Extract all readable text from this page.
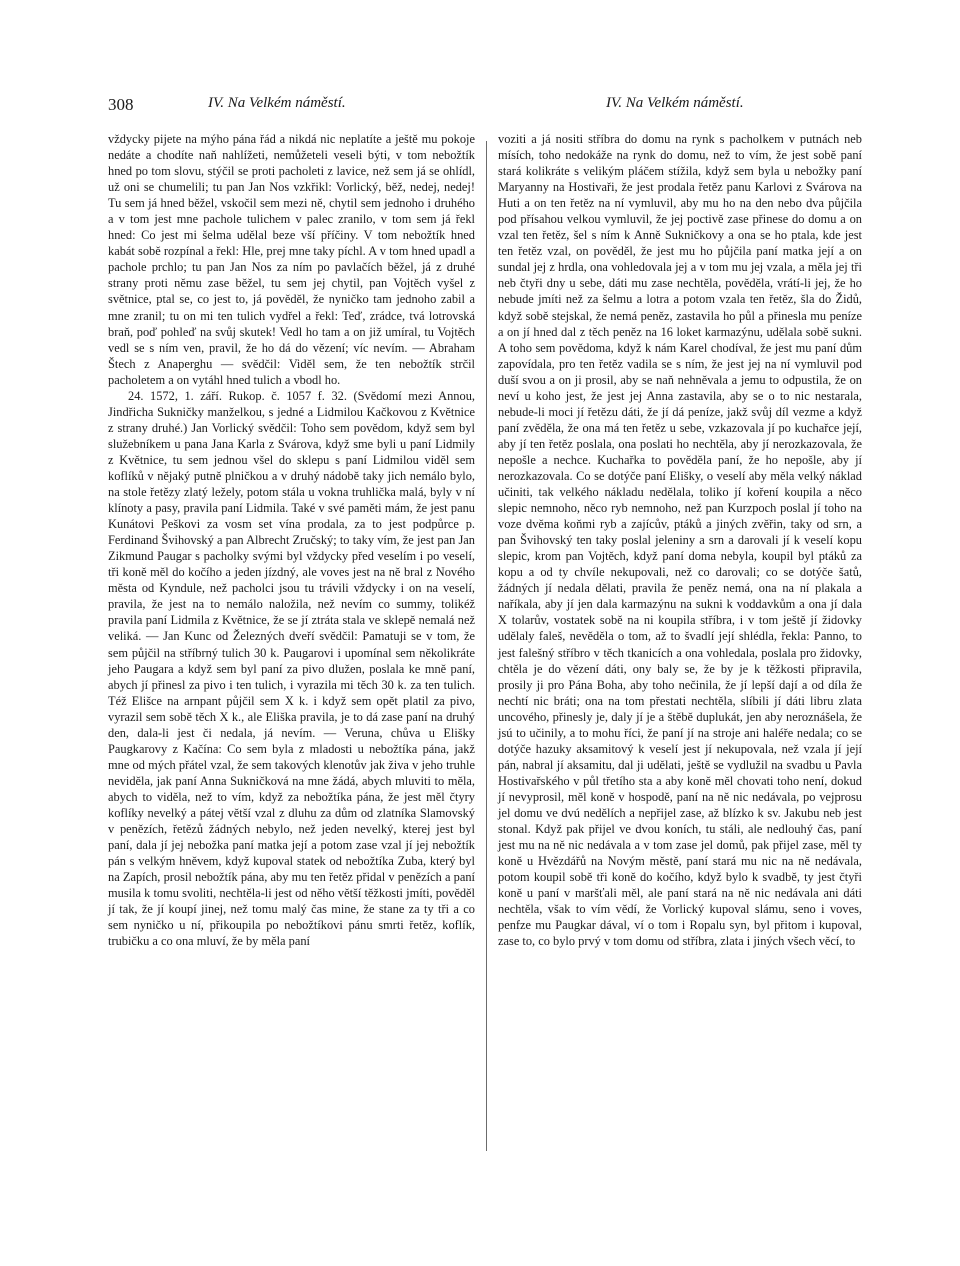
308	IV. Na Velkém náměstí.	IV. Na Velkém náměstí.

vždycky pijete na mýho pána řád a nikdá nic neplatíte a ještě mu pokoje nedáte a chodíte naň nahlížeti, nemůžeteli veseli býti, v tom nebožtík hned po tom slovu, stýčil se proti pacholeti z lavice, než sem já se ohlídl, už oni se chumelili; tu pan Jan Nos vzkřikl: Vorlický, běž, nedej, nedej! Tu sem já hned běžel, vskočil sem mezi ně, chytil sem jednoho i druhého a v tom jest mne pachole tulichem v palec zranilo, v tom sem já řekl hned: Co jest mi šelma udělal beze vší příčiny. V tom nebožtík hned kabát sobě rozpínal a řekl: Hle, prej mne taky píchl. A v tom hned upadl a pachole prchlo; tu pan Jan Nos za ním po pavlačích běžel, já z druhé strany proti němu zase běžel, tu sem jej chytil, pan Vojtěch vyšel z světnice, ptal se, co jest to, já pověděl, že nyničko tam jednoho zabil a mne zranil; tu on mi ten tulich vydřel a řekl: Teď, zrádce, tvá lotrovská braň, poď pohleď na svůj skutek! Vedl ho tam a on již umíral, tu Vojtěch vedl se s ním ven, pravil, že ho dá do vězení; víc nevím. — Abraham Štech z Anaperghu — svědčil: Viděl sem, že ten nebožtík strčil pacholetem a on vytáhl hned tulich a vbodl ho.

24. 1572, 1. září. Rukop. č. 1057 f. 32. (Svědomí mezi Annou, Jindřicha Sukničky manželkou, s jedné a Lidmilou Kačkovou z Květnice z strany druhé.) Jan Vorlický svědčil: Toho sem povědom, když sem byl služebníkem u pana Jana Karla z Svárova, když sme byli u paní Lidmily z Květnice, tu sem jednou všel do sklepu s paní Lidmilou viděl sem koflíků v nějaký putně plničkou a v druhý nádobě taky jich nemálo bylo, na stole řetězy zlatý ležely, potom stála u vokna truhlička malá, byly v ní klínoty a pasy, pravila paní Lidmila. Také v své paměti mám, že jest panu Kunátovi Peškovi za vosm set vína prodala, za to jest podpůrce p. Ferdinand Švihovský a pan Albrecht Zručský; to taky vím, že jest pan Jan Zikmund Paugar s pacholky svými byl vždycky před veselím i po veselí, tři koně měl do kočího a jeden jízdný, ale voves jest na ně bral z Nového města od Kyndule, než pacholci jsou tu trávili vždycky i on na veselí, pravila, že jest na to nemálo naložila, než nevím co summy, tolikéž pravila paní Lidmila z Květnice, že se jí ztráta stala ve sklepě nemalá než veliká. — Jan Kunc od Železných dveří svědčil: Pamatuji se v tom, že sem půjčil na stříbrný tulich 30 k. Paugarovi i upomínal sem několikráte jeho Paugara a když sem byl paní za pivo dlužen, poslala ke mně paní, abych jí přinesl za pivo i ten tulich, i vyrazila mi těch 30 k. za ten tulich. Též Elišce na arnpant půjčil sem X k. i když sem opět platil za pivo, vyrazil sem sobě těch X k., ale Eliška pravila, je to dá zase paní na druhý den, dala-li jest či nedala, já nevím. — Veruna, chůva u Elišky Paugkarovy z Kačína: Co sem byla z mladosti u nebožtíka pána, jakž mne od mých přátel vzal, že sem takových klenotův jak živa v jeho truhle neviděla, jak paní Anna Sukničková na mne žádá, abych mluviti to měla, abych to viděla, než to vím, když za nebožtíka pána, že jest měl čtyry koflíky nevelký a pátej větší vzal z dluhu za dům od zlatníka Slamovský v penězích, řetězů žádných nebylo, než jeden nevelký, kterej jest byl paní, dala jí jej nebožka paní matka její a potom zase vzal jí jej nebožtík pán s velkým hněvem, když kupoval statek od nebožtíka Zuba, který byl na Zapích, prosil nebožtík pána, aby mu ten řetěz přidal v penězích a paní musila k tomu svoliti, nechtěla-li jest od něho větší těžkosti jmíti, pověděl jí tak, že jí koupí jinej, než tomu malý čas mine, že stane za ty tři a co sem nyničko u ní, přikoupila po nebožtíkovi pánu smrti řetěz, koflík, trubičku a co ona mluví, že by měla paní

voziti a já nositi stříbra do domu na rynk s pacholkem v putnách neb mísích, toho nedokáže na rynk do domu, než to vím, že jest sobě paní stará kolikráte s velikým pláčem stížila, když sem byla u nebožky paní Maryanny na Hostivaři, že jest prodala řetěz panu Karlovi z Svárova na Huti a on ten řetěz na ní vymluvil, aby mu ho na den nebo dva půjčila pod přísahou velkou vymluvil, že jej poctivě zase přinese do domu a on vzal ten řetěz, šel s ním k Anně Sukničkovy a ona se ho ptala, kde jest ten řetěz vzal, on pověděl, že jest mu ho půjčila paní matka její a on sundal jej z hrdla, ona vohledovala jej a v tom mu jej vzala, a měla jej tři neb čtyři dny u sebe, dáti mu zase nechtěla, pověděla, vrátí-li jej, že ho nebude jmíti než za šelmu a lotra a potom vzala ten řetěz, šla do Židů, když sobě stejskal, že nemá peněz, zastavila ho půl a přinesla mu peníze a on jí hned dal z těch peněz na 16 loket karmazýnu, udělala sobě sukni. A toho sem povědoma, když k nám Karel chodíval, že jest mu paní dům zapovídala, pro ten řetěz vadila se s ním, že jest jej na ní vymluvil pod duší svou a on ji prosil, aby se naň nehněvala a jemu to odpustila, že on neví u koho jest, že jest jej Anna zastavila, aby se o to nic nestarala, nebude-li moci jí řetězu dáti, že jí dá peníze, jakž svůj díl vezme a když paní zvěděla, že ona má ten řetěz u sebe, vzkazovala jí po kuchařce její, aby jí ten řetěz poslala, ona poslati ho nechtěla, aby jí nerozkazovala, že nepošle a nechce. Kuchařka to pověděla paní, že ho nepošle, aby jí nerozkazovala. Co se dotýče paní Elišky, o veselí aby měla velký náklad učiniti, tak velkého nákladu nedělala, toliko jí koření koupila a něco slepic nemnoho, něco ryb nemnoho, než pan Kurzpoch poslal jí toho na voze dvěma koňmi ryb a zajícův, ptáků a jiných zvěřin, taky od srn, a pan Švihovský ten taky poslal jeleniny a srn a darovali jí k veselí kopu slepic, krom pan Vojtěch, když paní doma nebyla, koupil byl ptáků za kopu a od ty chvíle nekupovali, než co darovali; co se dotýče šatů, žádných jí nedala dělati, pravila že peněz nemá, ona na ní plakala a naříkala, aby jí jen dala karmazýnu na sukni k voddavkům a ona jí dala X tolarův, vostatek sobě na ni koupila stříbra, i v tom ještě jí židovky udělaly faleš, nevěděla o tom, až to švadlí její shlédla, řekla: Panno, to jest falešný stříbro v těch tkanicích a ona vohledala, poslala pro židovky, chtěla je do vězení dáti, ony baly se, že by je k těžkosti připravila, prosily ji pro Pána Boha, aby toho nečinila, že jí lepší dají a od díla že nechtí nic bráti; ona na tom přestati nechtěla, slíbili jí dáti libru zlata uncového, přinesly je, daly jí je a štěbě duplukát, jen aby neroznášela, že jsú to učinily, a to mohu říci, že paní jí na stroje ani haléře nedala; co se dotýče hazuky aksamitový k veselí jest jí nekupovala, než vzala jí její pán, nabral jí aksamitu, dal ji udělati, ještě se vydlužil na svadbu u Pavla Hostivařského v půl třetího sta a aby koně měl chovati toho není, dokud jí nevyprosil, měl koně v hospodě, paní na ně nic nedávala, po vejprosu jel domu ve dvú nedělích a nepřijel zase, až blízko k sv. Jakubu neb jest stonal. Když pak přijel ve dvou koních, tu stáli, ale nedlouhý čas, paní jest mu na ně nic nedávala a v tom zase jel domů, pak přijel zase, měl ty koně u Hvězdářů na Novým městě, paní stará mu nic na ně nedávala, potom koupil sobě tři koně do kočího, když bylo k svadbě, ty jest čtyři koně u paní v maršťali měl, ale paní stará na ně nic nedávala ani dáti nechtěla, však to vím vědí, že Vorlický kupoval slámu, seno i voves, penfze mu Paugkar dával, ví o tom i Ropalu syn, byl přitom i kupoval, zase to, co bylo prvý v tom domu od stříbra, zlata i jiných všech věcí, to
